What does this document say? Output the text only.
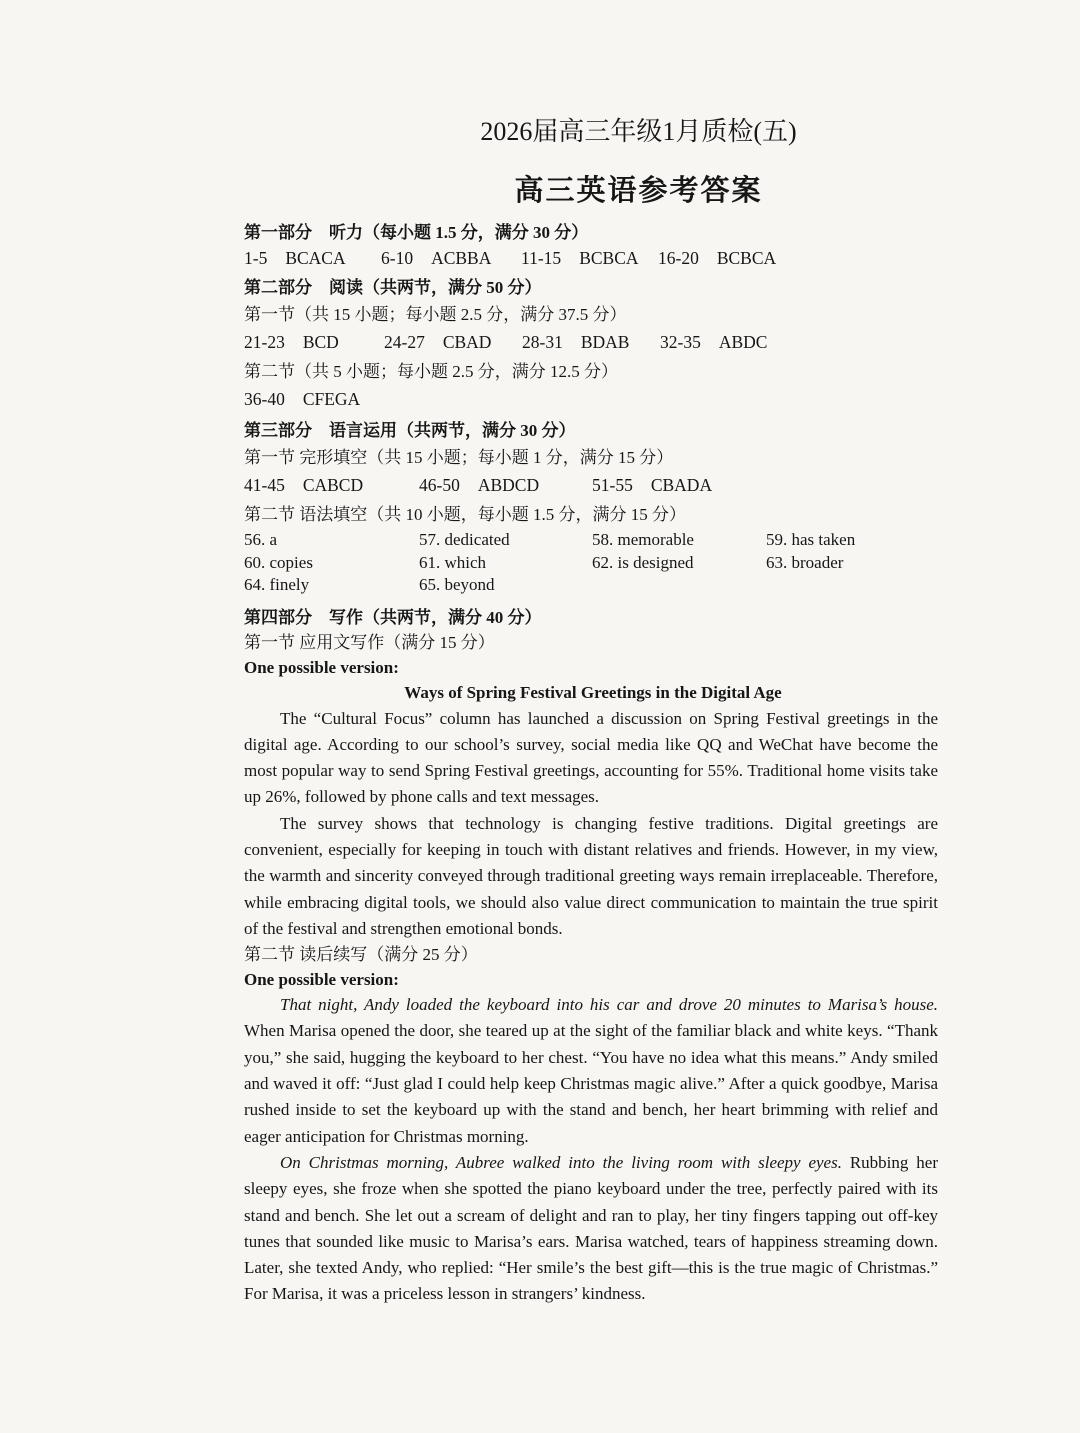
2026届高三年级1月质检(五)
高三英语参考答案
第一部分　听力（每小题 1.5 分，满分 30 分）
1-5 BCACA 6-10 ACBBA 11-15 BCBCA 16-20 BCBCA
第二部分　阅读（共两节，满分 50 分）
第一节（共 15 小题；每小题 2.5 分，满分 37.5 分）
21-23 BCD	24-27 CBAD 28-31 BDAB 32-35 ABDC
第二节（共 5 小题；每小题 2.5 分，满分 12.5 分）
36-40 CFEGA
第三部分　语言运用（共两节，满分 30 分）
第一节 完形填空（共 15 小题；每小题 1 分，满分 15 分）
41-45 CABCD	46-50 ABDCD	51-55 CBADA
第二节 语法填空（共 10 小题，每小题 1.5 分，满分 15 分）
56. a	57. dedicated	58. memorable	59. has taken
60. copies	61. which	62. is designed	63. broader
64. finely	65. beyond
第四部分　写作（共两节，满分 40 分）
第一节 应用文写作（满分 15 分）
One possible version:
Ways of Spring Festival Greetings in the Digital Age

The “Cultural Focus” column has launched a discussion on Spring Festival greetings in the digital age. According to our school’s survey, social media like QQ and WeChat have become the most popular way to send Spring Festival greetings, accounting for 55%. Traditional home visits take up 26%, followed by phone calls and text messages.

The survey shows that technology is changing festive traditions. Digital greetings are convenient, especially for keeping in touch with distant relatives and friends. However, in my view, the warmth and sincerity conveyed through traditional greeting ways remain irreplaceable. Therefore, while embracing digital tools, we should also value direct communication to maintain the true spirit of the festival and strengthen emotional bonds.

第二节 读后续写（满分 25 分）
One possible version:

That night, Andy loaded the keyboard into his car and drove 20 minutes to Marisa’s house. When Marisa opened the door, she teared up at the sight of the familiar black and white keys. “Thank you,” she said, hugging the keyboard to her chest. “You have no idea what this means.” Andy smiled and waved it off: “Just glad I could help keep Christmas magic alive.” After a quick goodbye, Marisa rushed inside to set the keyboard up with the stand and bench, her heart brimming with relief and eager anticipation for Christmas morning.

On Christmas morning, Aubree walked into the living room with sleepy eyes. Rubbing her sleepy eyes, she froze when she spotted the piano keyboard under the tree, perfectly paired with its stand and bench. She let out a scream of delight and ran to play, her tiny fingers tapping out off-key tunes that sounded like music to Marisa’s ears. Marisa watched, tears of happiness streaming down. Later, she texted Andy, who replied: “Her smile’s the best gift—this is the true magic of Christmas.” For Marisa, it was a priceless lesson in strangers’ kindness.
